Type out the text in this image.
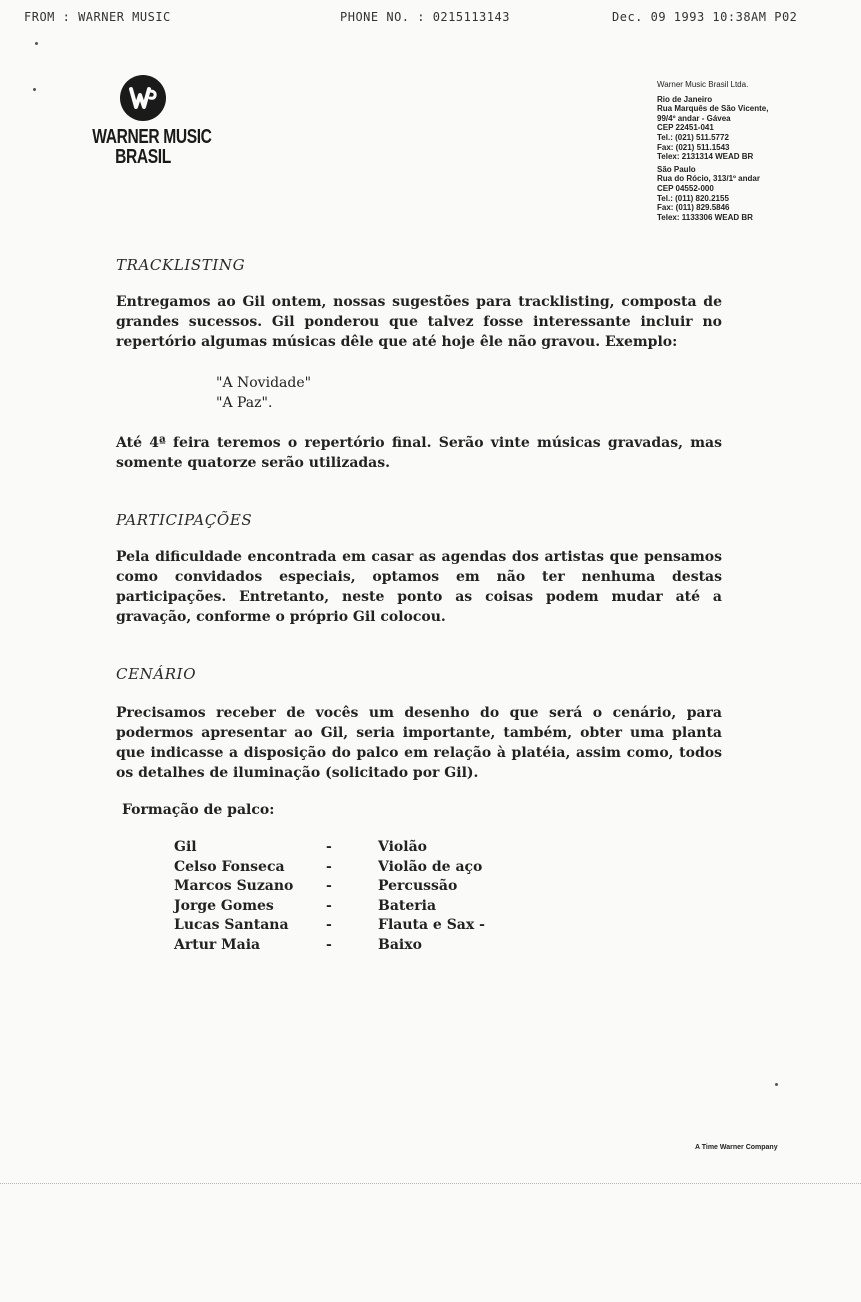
FROM : WARNER MUSIC	PHONE NO. : 0215113143	Dec. 09 1993 10:38AM P02
WARNER MUSIC
BRASIL
Warner Music Brasil Ltda.
Rio de Janeiro
Rua Marquês de São Vicente,
99/4º andar - Gávea
CEP 22451-041
Tel.: (021) 511.5772
Fax: (021) 511.1543
Telex: 2131314 WEAD BR
São Paulo
Rua do Rócio, 313/1º andar
CEP 04552-000
Tel.: (011) 820.2155
Fax: (011) 829.5846
Telex: 1133306 WEAD BR
TRACKLISTING

Entregamos ao Gil ontem, nossas sugestões para tracklisting, composta de grandes sucessos. Gil ponderou que talvez fosse interessante incluir no repertório algumas músicas dêle que até hoje êle não gravou. Exemplo:

"A Novidade"
"A Paz".

Até 4ª feira teremos o repertório final. Serão vinte músicas gravadas, mas somente quatorze serão utilizadas.

PARTICIPAÇÕES

Pela dificuldade encontrada em casar as agendas dos artistas que pensamos como convidados especiais, optamos em não ter nenhuma destas participações. Entretanto, neste ponto as coisas podem mudar até a gravação, conforme o próprio Gil colocou.

CENÁRIO

Precisamos receber de vocês um desenho do que será o cenário, para podermos apresentar ao Gil, seria importante, também, obter uma planta que indicasse a disposição do palco em relação à platéia, assim como, todos os detalhes de iluminação (solicitado por Gil).

Formação de palco:
Gil	-	Violão
Celso Fonseca	-	Violão de aço
Marcos Suzano -	Percussão
Jorge Gomes	-	Bateria
Lucas Santana	-	Flauta e Sax -
Artur Maia	-	Baixo
A Time Warner Company
